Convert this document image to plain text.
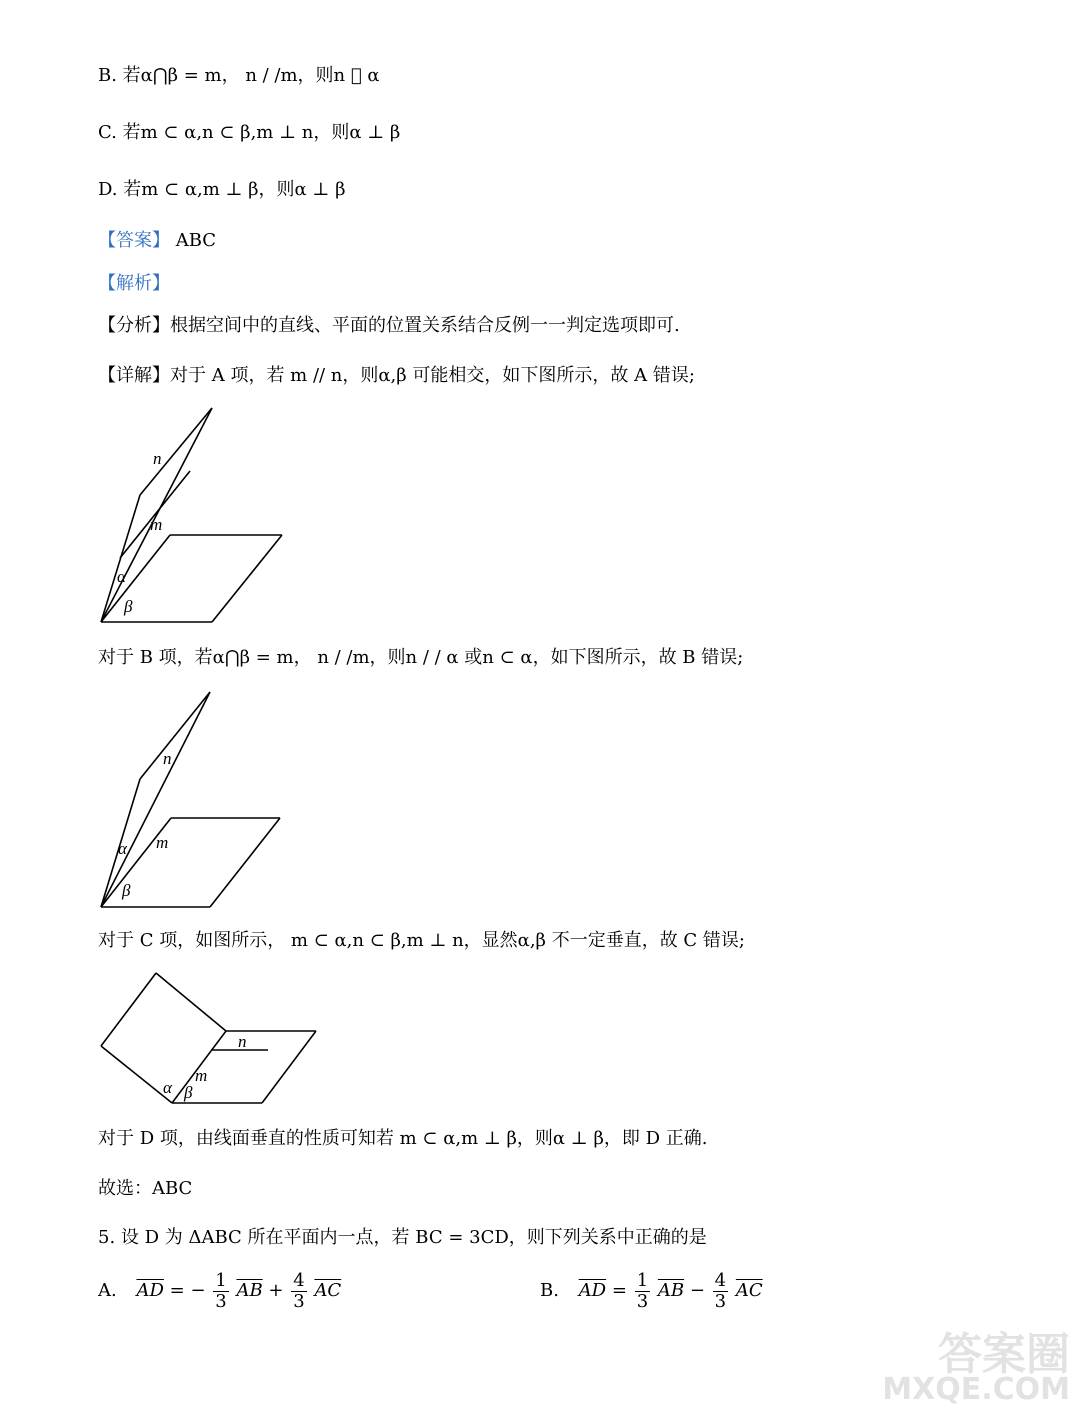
B. 若α⋂β = m， n / /m，则n ⃞ α
C. 若m ⊂ α,n ⊂ β,m ⊥ n，则α ⊥ β
D. 若m ⊂ α,m ⊥ β，则α ⊥ β
【答案】 ABC
【解析】
【分析】根据空间中的直线、平面的位置关系结合反例一一判定选项即可.
【详解】对于 A 项，若 m // n，则α,β 可能相交，如下图所示，故 A 错误;
n
m
α
β
对于 B 项，若α⋂β = m， n / /m，则n / / α 或n ⊂ α，如下图所示，故 B 错误;
n
m
α
β
对于 C 项，如图所示， m ⊂ α,n ⊂ β,m ⊥ n，显然α,β 不一定垂直，故 C 错误;
n
m
α β
对于 D 项，由线面垂直的性质可知若 m ⊂ α,m ⊥ β，则α ⊥ β，即 D 正确.
故选：ABC
5. 设 D 为 ΔABC 所在平面内一点，若 BC = 3CD，则下列关系中正确的是
A. $\overline{AD}$ = − $\frac{1}{3} \overline{AB} + \frac{4}{3} \overline{AC}$	B. $\overline{AD} = \frac{1}{3} \overline{AB} - \frac{4}{3} \overline{AC}$
答案圈
MXQE.COM
